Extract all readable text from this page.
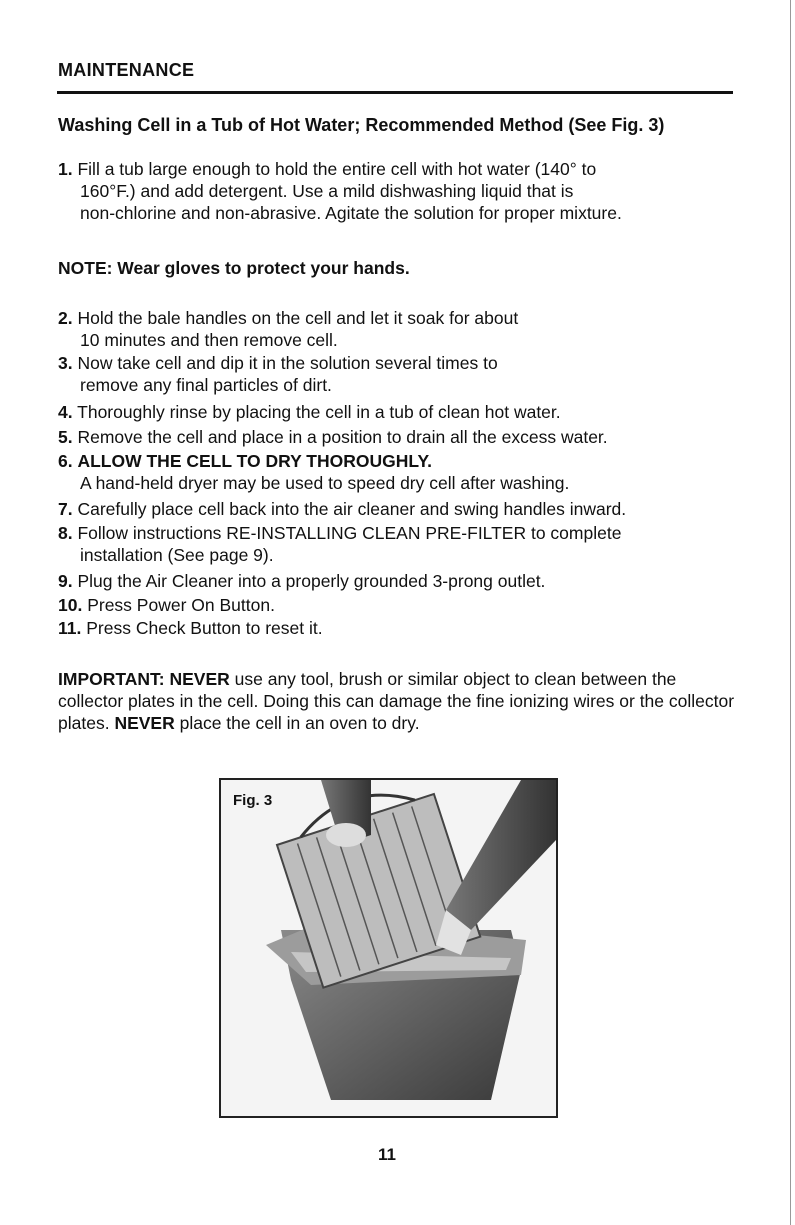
MAINTENANCE
Washing Cell in a Tub of Hot Water; Recommended Method (See Fig. 3)
1. Fill a tub large enough to hold the entire cell with hot water (140° to
160°F.) and add detergent. Use a mild dishwashing liquid that is
non-chlorine and non-abrasive. Agitate the solution for proper mixture.
NOTE: Wear gloves to protect your hands.
2. Hold the bale handles on the cell and let it soak for about
10 minutes and then remove cell.
3. Now take cell and dip it in the solution several times to
remove any final particles of dirt.
4. Thoroughly rinse by placing the cell in a tub of clean hot water.
5. Remove the cell and place in a position to drain all the excess water.
6. ALLOW THE CELL TO DRY THOROUGHLY.
A hand-held dryer may be used to speed dry cell after washing.
7. Carefully place cell back into the air cleaner and swing handles inward.
8. Follow instructions RE-INSTALLING CLEAN PRE-FILTER to complete
installation (See page 9).
9. Plug the Air Cleaner into a properly grounded 3-prong outlet.
10. Press Power On Button.
11. Press Check Button to reset it.
IMPORTANT: NEVER use any tool, brush or similar object to clean between the collector plates in the cell. Doing this can damage the fine ionizing wires or the collector plates. NEVER place the cell in an oven to dry.
Fig. 3
11
